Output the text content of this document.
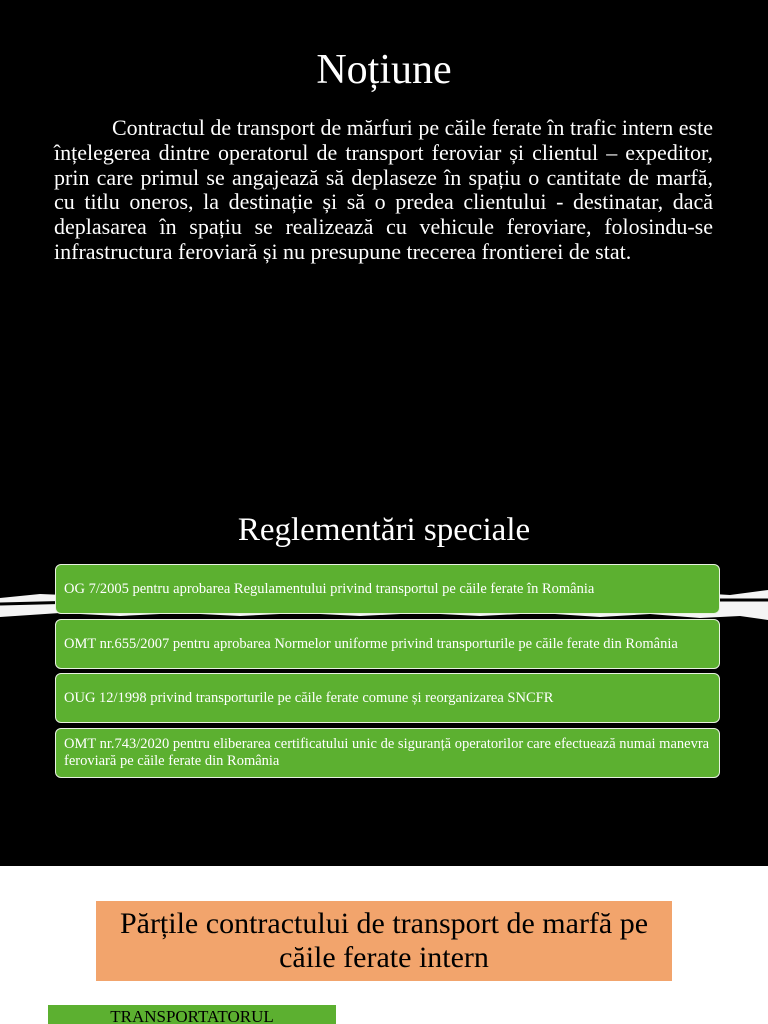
Noțiune

Contractul de transport de mărfuri pe căile ferate în trafic intern este înțelegerea dintre operatorul de transport feroviar și clientul – expeditor, prin care primul se angajează să deplaseze în spațiu o cantitate de marfă, cu titlu oneros, la destinație și să o predea clientului - destinatar, dacă deplasarea în spațiu se realizează cu vehicule feroviare, folosindu-se infrastructura feroviară și nu presupune trecerea frontierei de stat.

Reglementări speciale
OG 7/2005 pentru aprobarea Regulamentului privind transportul pe căile ferate în România
OMT nr.655/2007 pentru aprobarea Normelor uniforme privind transporturile pe căile ferate din România
OUG 12/1998 privind transporturile pe căile ferate comune și reorganizarea SNCFR
OMT nr.743/2020 pentru eliberarea certificatului unic de siguranță operatorilor care efectuează numai manevra feroviară pe căile ferate din România
Părțile contractului de transport de marfă pe căile ferate intern
TRANSPORTATORUL
